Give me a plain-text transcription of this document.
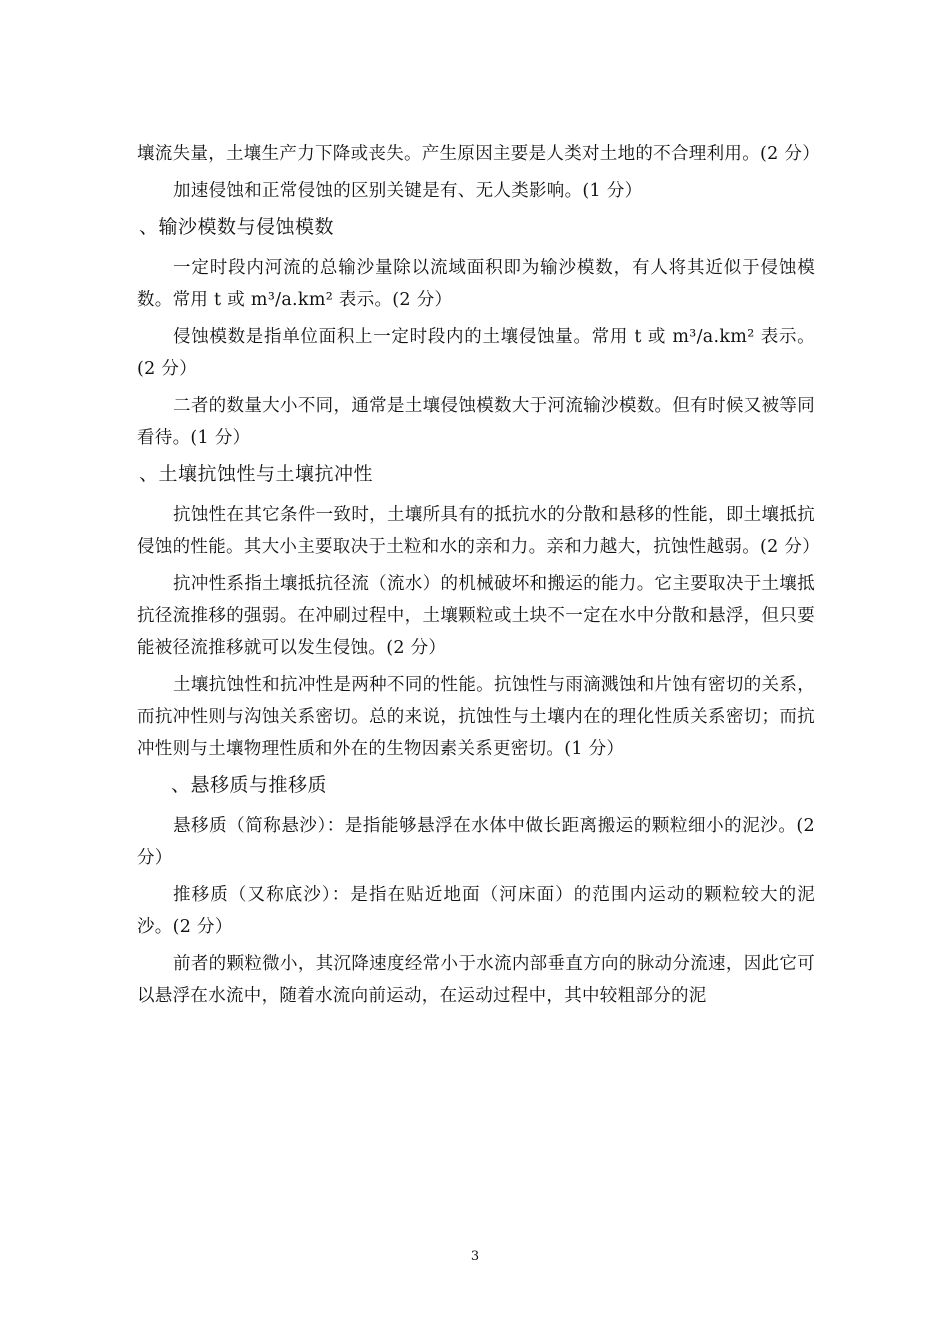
壤流失量，土壤生产力下降或丧失。产生原因主要是人类对土地的不合理利用。(2 分）
加速侵蚀和正常侵蚀的区别关键是有、无人类影响。(1 分）
、输沙模数与侵蚀模数
一定时段内河流的总输沙量除以流域面积即为输沙模数，有人将其近似于侵蚀模数。常用 t 或 m³/a.km² 表示。(2 分）
侵蚀模数是指单位面积上一定时段内的土壤侵蚀量。常用 t 或 m³/a.km² 表示。(2 分）
二者的数量大小不同，通常是土壤侵蚀模数大于河流输沙模数。但有时候又被等同看待。(1 分）
、土壤抗蚀性与土壤抗冲性
抗蚀性在其它条件一致时，土壤所具有的抵抗水的分散和悬移的性能，即土壤抵抗侵蚀的性能。其大小主要取决于土粒和水的亲和力。亲和力越大，抗蚀性越弱。(2 分）
抗冲性系指土壤抵抗径流（流水）的机械破坏和搬运的能力。它主要取决于土壤抵抗径流推移的强弱。在冲刷过程中，土壤颗粒或土块不一定在水中分散和悬浮，但只要能被径流推移就可以发生侵蚀。(2 分）
土壤抗蚀性和抗冲性是两种不同的性能。抗蚀性与雨滴溅蚀和片蚀有密切的关系，而抗冲性则与沟蚀关系密切。总的来说，抗蚀性与土壤内在的理化性质关系密切；而抗冲性则与土壤物理性质和外在的生物因素关系更密切。(1 分）
、悬移质与推移质
悬移质（简称悬沙）：是指能够悬浮在水体中做长距离搬运的颗粒细小的泥沙。(2 分）
推移质（又称底沙）：是指在贴近地面（河床面）的范围内运动的颗粒较大的泥沙。(2 分）
前者的颗粒微小，其沉降速度经常小于水流内部垂直方向的脉动分流速，因此它可以悬浮在水流中，随着水流向前运动，在运动过程中，其中较粗部分的泥
3
